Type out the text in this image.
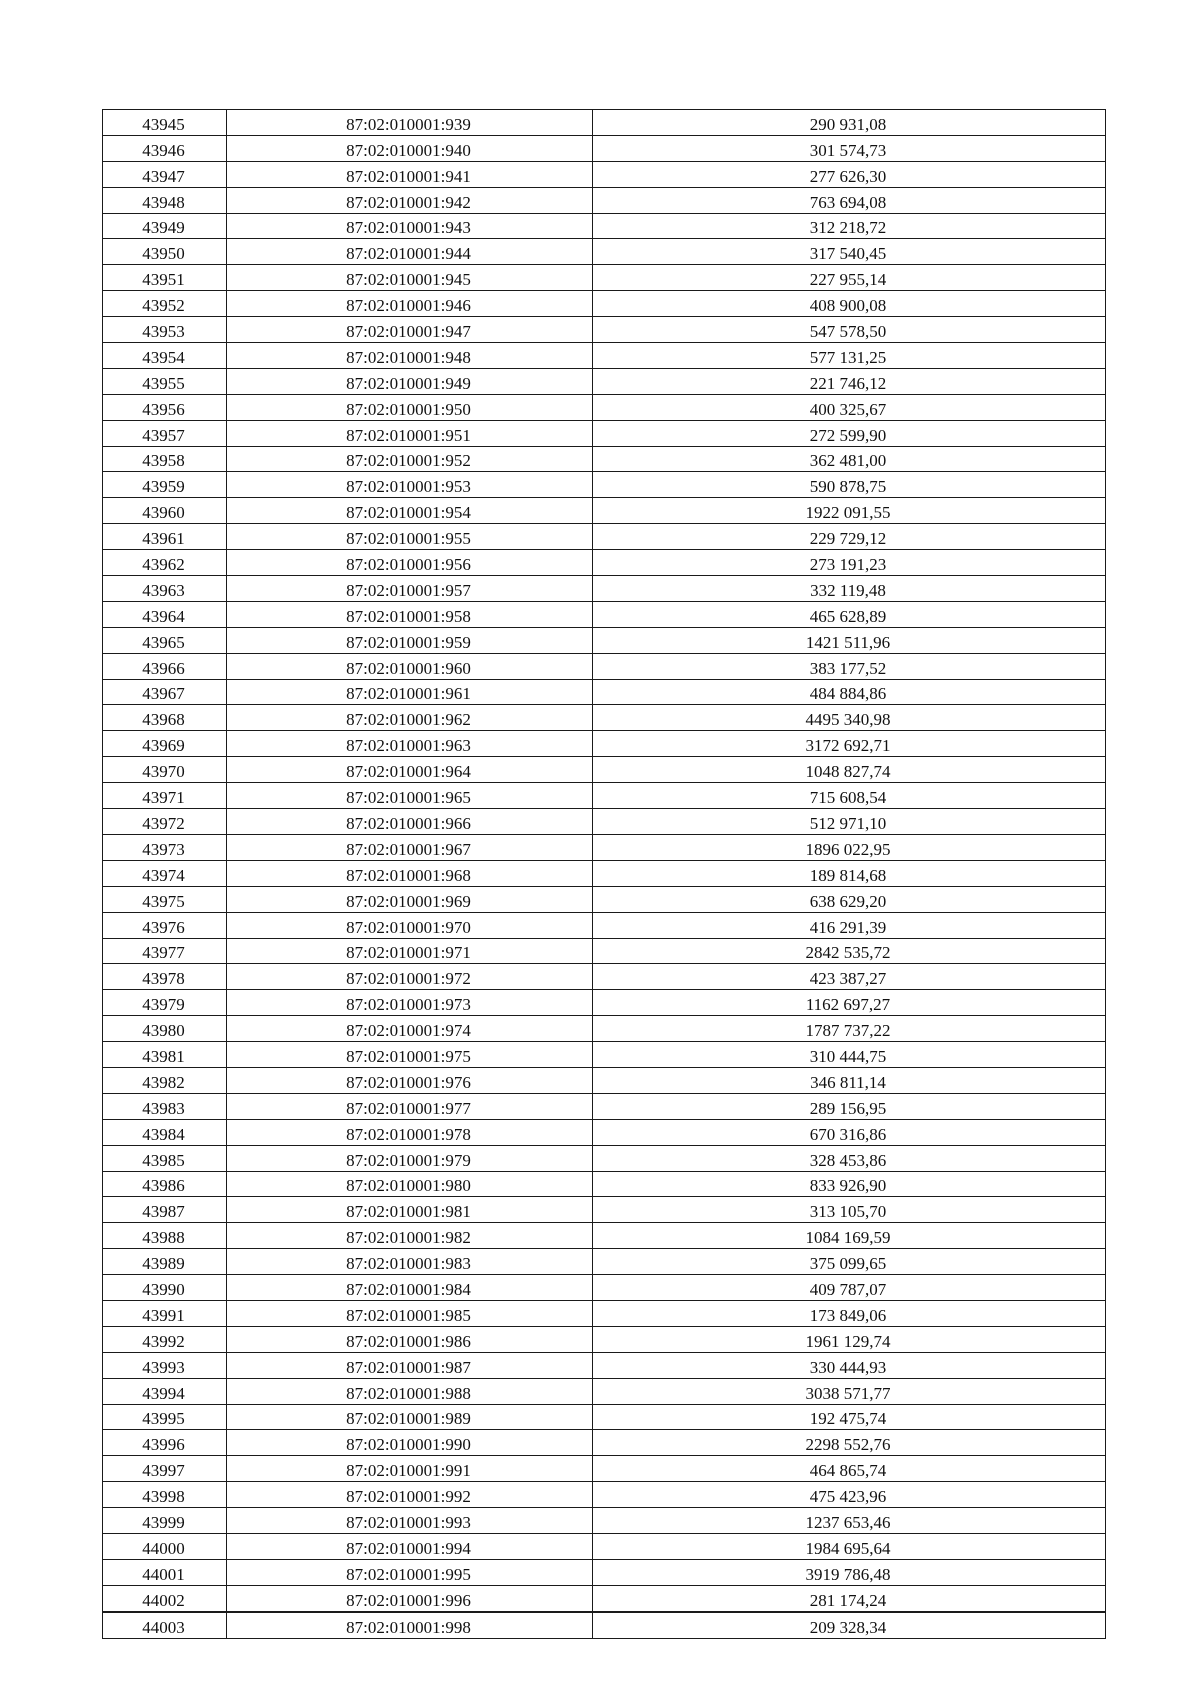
43945	87:02:010001:939	290 931,08
43946	87:02:010001:940	301 574,73
43947	87:02:010001:941	277 626,30
43948	87:02:010001:942	763 694,08
43949	87:02:010001:943	312 218,72
43950	87:02:010001:944	317 540,45
43951	87:02:010001:945	227 955,14
43952	87:02:010001:946	408 900,08
43953	87:02:010001:947	547 578,50
43954	87:02:010001:948	577 131,25
43955	87:02:010001:949	221 746,12
43956	87:02:010001:950	400 325,67
43957	87:02:010001:951	272 599,90
43958	87:02:010001:952	362 481,00
43959	87:02:010001:953	590 878,75
43960	87:02:010001:954	1922 091,55
43961	87:02:010001:955	229 729,12
43962	87:02:010001:956	273 191,23
43963	87:02:010001:957	332 119,48
43964	87:02:010001:958	465 628,89
43965	87:02:010001:959	1421 511,96
43966	87:02:010001:960	383 177,52
43967	87:02:010001:961	484 884,86
43968	87:02:010001:962	4495 340,98
43969	87:02:010001:963	3172 692,71
43970	87:02:010001:964	1048 827,74
43971	87:02:010001:965	715 608,54
43972	87:02:010001:966	512 971,10
43973	87:02:010001:967	1896 022,95
43974	87:02:010001:968	189 814,68
43975	87:02:010001:969	638 629,20
43976	87:02:010001:970	416 291,39
43977	87:02:010001:971	2842 535,72
43978	87:02:010001:972	423 387,27
43979	87:02:010001:973	1162 697,27
43980	87:02:010001:974	1787 737,22
43981	87:02:010001:975	310 444,75
43982	87:02:010001:976	346 811,14
43983	87:02:010001:977	289 156,95
43984	87:02:010001:978	670 316,86
43985	87:02:010001:979	328 453,86
43986	87:02:010001:980	833 926,90
43987	87:02:010001:981	313 105,70
43988	87:02:010001:982	1084 169,59
43989	87:02:010001:983	375 099,65
43990	87:02:010001:984	409 787,07
43991	87:02:010001:985	173 849,06
43992	87:02:010001:986	1961 129,74
43993	87:02:010001:987	330 444,93
43994	87:02:010001:988	3038 571,77
43995	87:02:010001:989	192 475,74
43996	87:02:010001:990	2298 552,76
43997	87:02:010001:991	464 865,74
43998	87:02:010001:992	475 423,96
43999	87:02:010001:993	1237 653,46
44000	87:02:010001:994	1984 695,64
44001	87:02:010001:995	3919 786,48
44002	87:02:010001:996	281 174,24
44003	87:02:010001:998	209 328,34
